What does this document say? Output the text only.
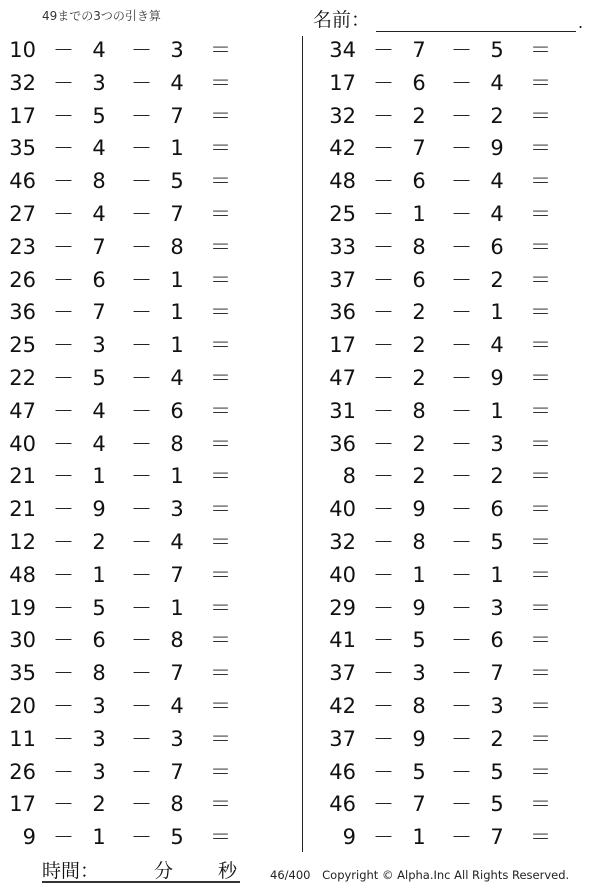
49までの3つの引き算	名前：	.
10 － 4 － 3 ＝
32 － 3 － 4 ＝
17 － 5 － 7 ＝
35 － 4 － 1 ＝
46 － 8 － 5 ＝
27 － 4 － 7 ＝
23 － 7 － 8 ＝
26 － 6 － 1 ＝
36 － 7 － 1 ＝
25 － 3 － 1 ＝
22 － 5 － 4 ＝
47 － 4 － 6 ＝
40 － 4 － 8 ＝
21 － 1 － 1 ＝
21 － 9 － 3 ＝
12 － 2 － 4 ＝
48 － 1 － 7 ＝
19 － 5 － 1 ＝
30 － 6 － 8 ＝
35 － 8 － 7 ＝
20 － 3 － 4 ＝
11 － 3 － 3 ＝
26 － 3 － 7 ＝
17 － 2 － 8 ＝
9 － 1 － 5 ＝
34 － 7 － 5 ＝
17 － 6 － 4 ＝
32 － 2 － 2 ＝
42 － 7 － 9 ＝
48 － 6 － 4 ＝
25 － 1 － 4 ＝
33 － 8 － 6 ＝
37 － 6 － 2 ＝
36 － 2 － 1 ＝
17 － 2 － 4 ＝
47 － 2 － 9 ＝
31 － 8 － 1 ＝
36 － 2 － 3 ＝
8 － 2 － 2 ＝
40 － 9 － 6 ＝
32 － 8 － 5 ＝
40 － 1 － 1 ＝
29 － 9 － 3 ＝
41 － 5 － 6 ＝
37 － 3 － 7 ＝
42 － 8 － 3 ＝
37 － 9 － 2 ＝
46 － 5 － 5 ＝
46 － 7 － 5 ＝
9 － 1 － 7 ＝
時間：	分 秒	46/400 Copyright © Alpha.Inc All Rights Reserved.
